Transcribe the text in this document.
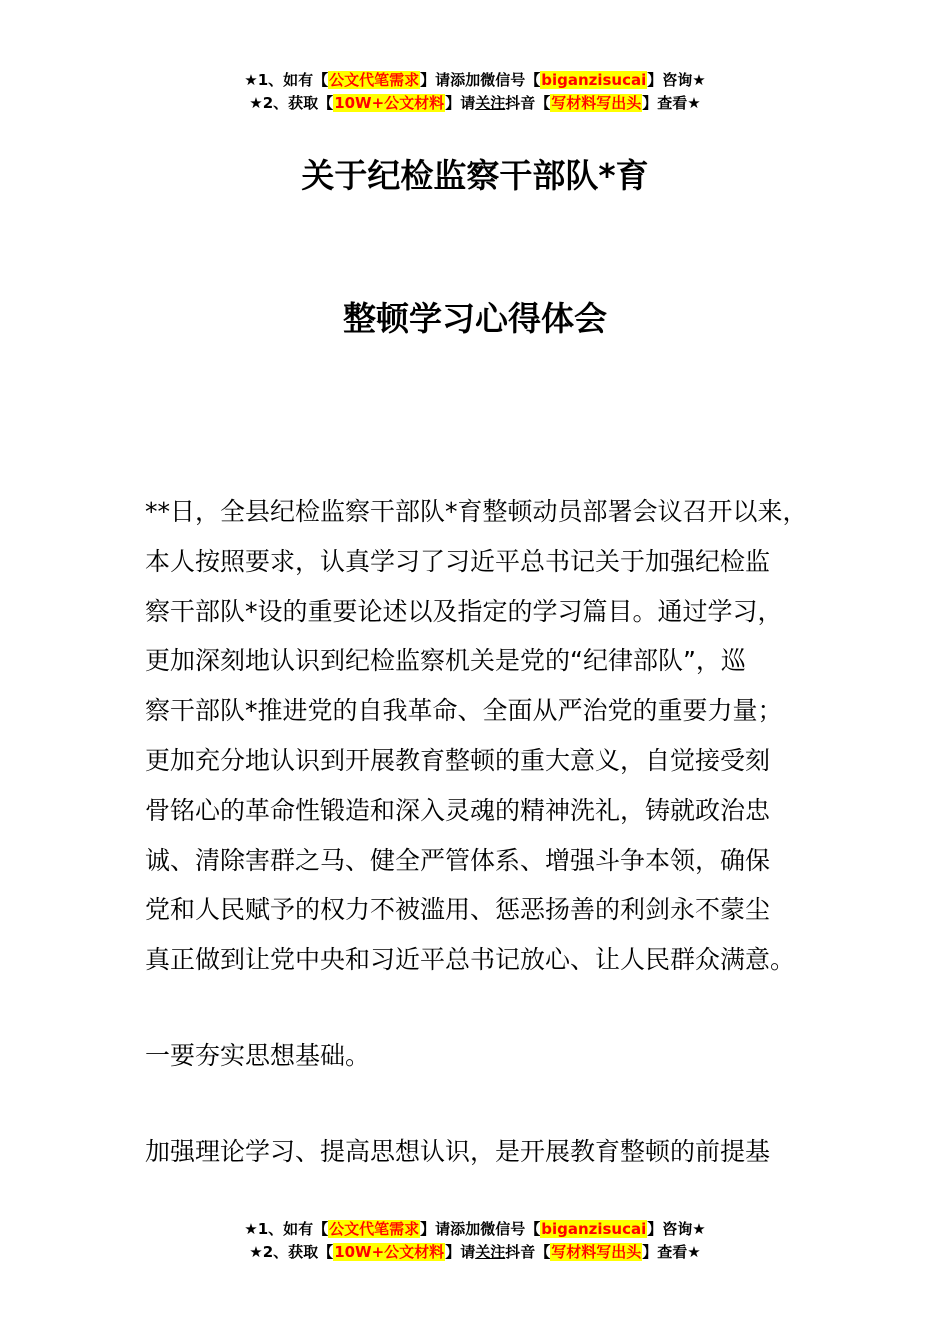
★1、如有【公文代笔需求】请添加微信号【biganzisucai】咨询★
★2、获取【10W+公文材料】请关注抖音【写材料写出头】查看★
关于纪检监察干部队*育
整顿学习心得体会
**日，全县纪检监察干部队*育整顿动员部署会议召开以来，
本人按照要求，认真学习了习近平总书记关于加强纪检监
察干部队*设的重要论述以及指定的学习篇目。通过学习，
更加深刻地认识到纪检监察机关是党的“纪律部队”，巡
察干部队*推进党的自我革命、全面从严治党的重要力量；
更加充分地认识到开展教育整顿的重大意义，自觉接受刻
骨铭心的革命性锻造和深入灵魂的精神洗礼，铸就政治忠
诚、清除害群之马、健全严管体系、增强斗争本领，确保
党和人民赋予的权力不被滥用、惩恶扬善的利剑永不蒙尘
真正做到让党中央和习近平总书记放心、让人民群众满意。
一要夯实思想基础。
加强理论学习、提高思想认识，是开展教育整顿的前提基
★1、如有【公文代笔需求】请添加微信号【biganzisucai】咨询★
★2、获取【10W+公文材料】请关注抖音【写材料写出头】查看★
